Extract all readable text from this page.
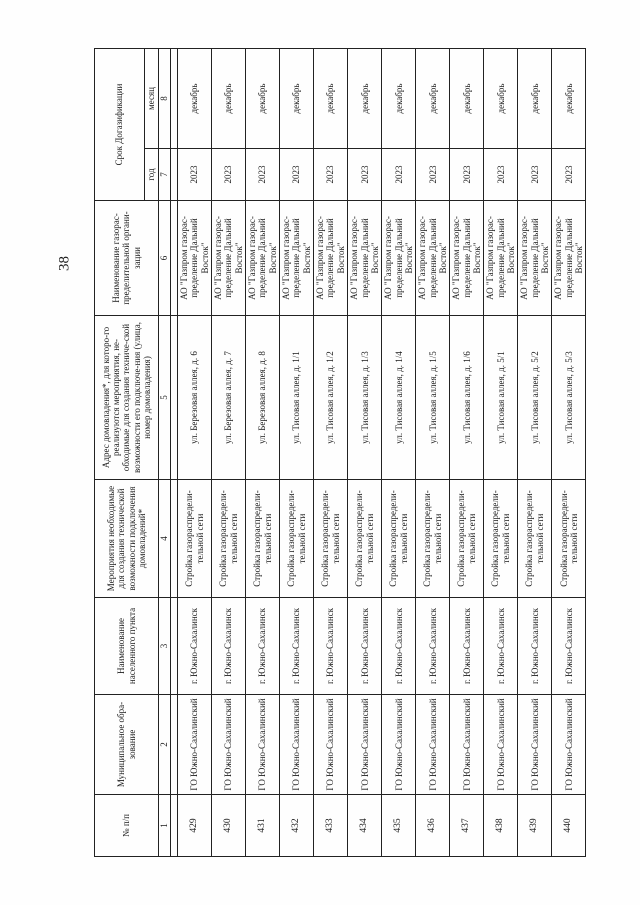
38
№ п/п	Муниципальное обра-зование	Наименование населенного пункта	Мероприятия необходимые для создания технической возможности подключения домовладений*	Адрес домовладения*, для которо-го реализуются мероприятия, не-обходимые для создания техниче-ской возможности его подключе-ния (улица, номер домовладения)	Наименование газорас-пределительной органи-зации	Срок Догазификации	
						год	месяц
1	2	3	4	5	6	7	8

429	ГО Южно-Сахалинский	г. Южно-Сахалинск	Стройка газораспредели-тельной сети	ул. Березовая аллея, д. 6	АО "Газпром газорас-пределение Дальний Восток"	2023	декабрь
430	ГО Южно-Сахалинский	г. Южно-Сахалинск	Стройка газораспредели-тельной сети	ул. Березовая аллея, д. 7	АО "Газпром газорас-пределение Дальний Восток"	2023	декабрь
431	ГО Южно-Сахалинский	г. Южно-Сахалинск	Стройка газораспредели-тельной сети	ул. Березовая аллея, д. 8	АО "Газпром газорас-пределение Дальний Восток"	2023	декабрь
432	ГО Южно-Сахалинский	г. Южно-Сахалинск	Стройка газораспредели-тельной сети	ул. Тисовая аллея, д. 1/1	АО "Газпром газорас-пределение Дальний Восток"	2023	декабрь
433	ГО Южно-Сахалинский	г. Южно-Сахалинск	Стройка газораспредели-тельной сети	ул. Тисовая аллея, д. 1/2	АО "Газпром газорас-пределение Дальний Восток"	2023	декабрь
434	ГО Южно-Сахалинский	г. Южно-Сахалинск	Стройка газораспредели-тельной сети	ул. Тисовая аллея, д. 1/3	АО "Газпром газорас-пределение Дальний Восток"	2023	декабрь
435	ГО Южно-Сахалинский	г. Южно-Сахалинск	Стройка газораспредели-тельной сети	ул. Тисовая аллея, д. 1/4	АО "Газпром газорас-пределение Дальний Восток"	2023	декабрь
436	ГО Южно-Сахалинский	г. Южно-Сахалинск	Стройка газораспредели-тельной сети	ул. Тисовая аллея, д. 1/5	АО "Газпром газорас-пределение Дальний Восток"	2023	декабрь
437	ГО Южно-Сахалинский	г. Южно-Сахалинск	Стройка газораспредели-тельной сети	ул. Тисовая аллея, д. 1/6	АО "Газпром газорас-пределение Дальний Восток"	2023	декабрь
438	ГО Южно-Сахалинский	г. Южно-Сахалинск	Стройка газораспредели-тельной сети	ул. Тисовая аллея, д. 5/1	АО "Газпром газорас-пределение Дальний Восток"	2023	декабрь
439	ГО Южно-Сахалинский	г. Южно-Сахалинск	Стройка газораспредели-тельной сети	ул. Тисовая аллея, д. 5/2	АО "Газпром газорас-пределение Дальний Восток"	2023	декабрь
440	ГО Южно-Сахалинский	г. Южно-Сахалинск	Стройка газораспредели-тельной сети	ул. Тисовая аллея, д. 5/3	АО "Газпром газорас-пределение Дальний Восток"	2023	декабрь
